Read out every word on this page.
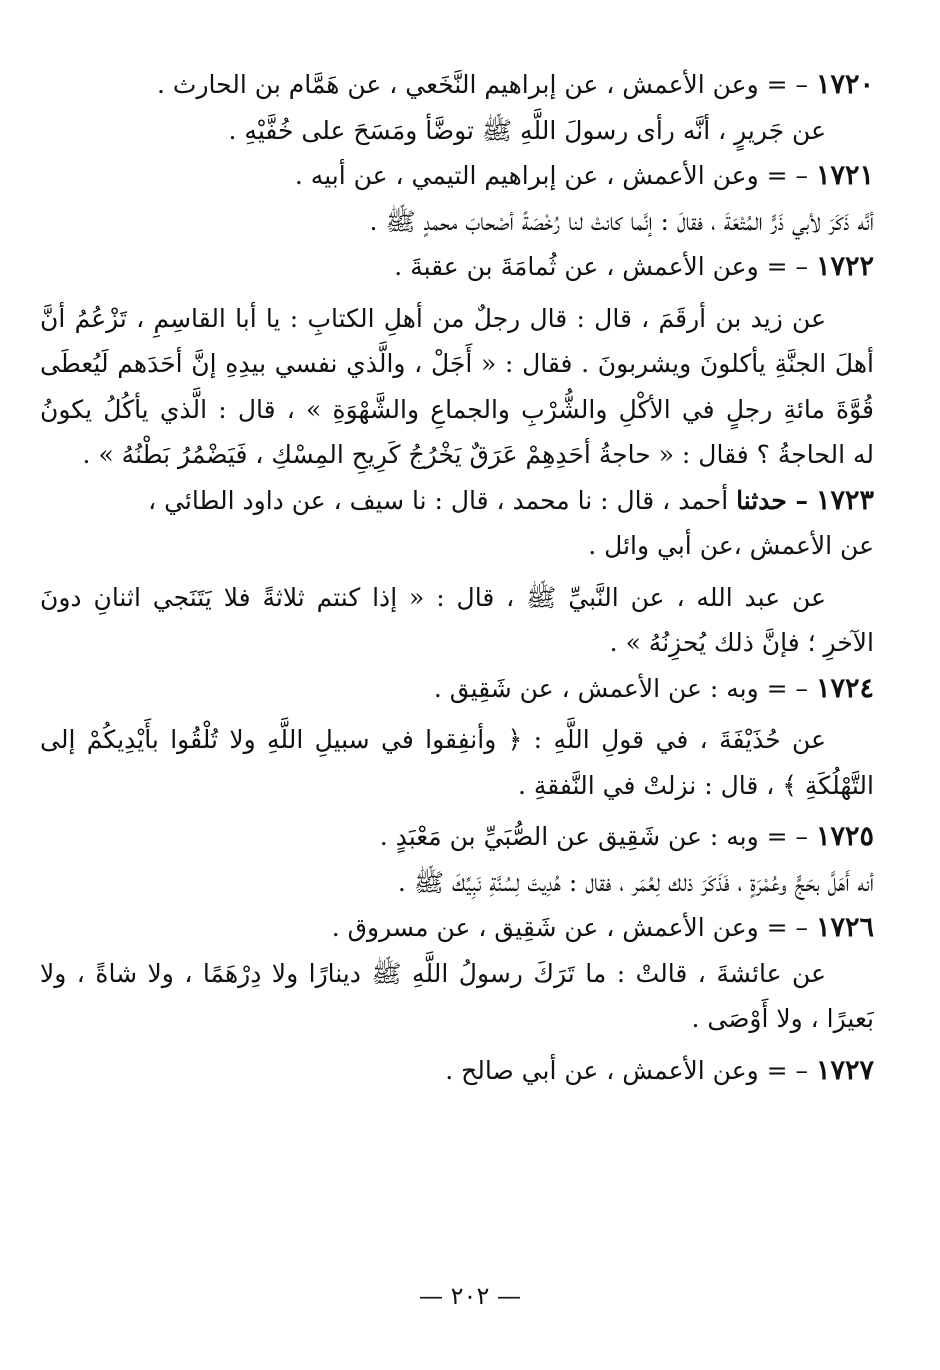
١٧٢٠ – = وعن الأعمش ، عن إبراهيم النَّخَعي ، عن هَمَّام بن الحارث .
عن جَريرٍ ، أنَّه رأى رسولَ اللَّهِ ﷺ توضَّأ ومَسَحَ على خُفَّيْهِ .
١٧٢١ – = وعن الأعمش ، عن إبراهيم التيمي ، عن أبيه .
أنَّه ذَكَرَ لأبي ذَرٍّ المُتْعَةَ ، فقالَ : إنَّما كانتْ لنا رُخْصَةً أصْحابَ محمدٍ ﷺ .
١٧٢٢ – = وعن الأعمش ، عن ثُمامَةَ بن عقبةَ .
عن زيد بن أرقَمَ ، قال : قال رجلٌ من أهلِ الكتابِ : يا أبا القاسِمِ ، تَزْعُمُ أنَّ
أهلَ الجنَّةِ يأكلونَ ويشربونَ . فقال : « أَجَلْ ، والَّذي نفسي بيدِهِ إنَّ أحَدَهم لَيُعطَى
قُوَّةَ مائةِ رجلٍ في الأكْلِ والشُّرْبِ والجماعِ والشَّهْوَةِ » ، قال : الَّذي يأكُلُ يكونُ
له الحاجةُ ؟ فقال : « حاجةُ أحَدِهِمْ عَرَقٌ يَخْرُجُ كَرِيحِ المِسْكِ ، فَيَضْمُرُ بَطْنُهُ » .
١٧٢٣ – حدثنا أحمد ، قال : نا محمد ، قال : نا سيف ، عن داود الطائي ،
عن الأعمش ،عن أبي وائل .
عن عبد الله ، عن النَّبيِّ ﷺ ، قال : « إذا كنتم ثلاثةً فلا يَتَنَجي اثنانِ دونَ
الآخرِ ؛ فإنَّ ذلك يُحزِنُهُ » .
١٧٢٤ – = وبه : عن الأعمش ، عن شَقِيق .
عن حُذَيْفَةَ ، في قولِ اللَّهِ : ﴿ وأنفِقوا في سبيلِ اللَّهِ ولا تُلْقُوا بأَيْدِيكُمْ إلى
التَّهْلُكَةِ ﴾ ، قال : نزلتْ في النَّفقةِ .
١٧٢٥ – = وبه : عن شَقِيق عن الصُّبَيِّ بن مَعْبَدٍ .
أنه أَهَلَّ بحَجٍّ وعُمْرَةٍ ، فَذَكَرَ ذلك لِعُمَر ، فقال : هُدِيتَ لِسُنَّةِ نَبِيِّكَ ﷺ .
١٧٢٦ – = وعن الأعمش ، عن شَقِيق ، عن مسروق .
عن عائشةَ ، قالتْ : ما تَرَكَ رسولُ اللَّهِ ﷺ دينارًا ولا دِرْهَمًا ، ولا شاةً ، ولا
بَعيرًا ، ولا أَوْصَى .
١٧٢٧ – = وعن الأعمش ، عن أبي صالح .
— ٢٠٢ —
